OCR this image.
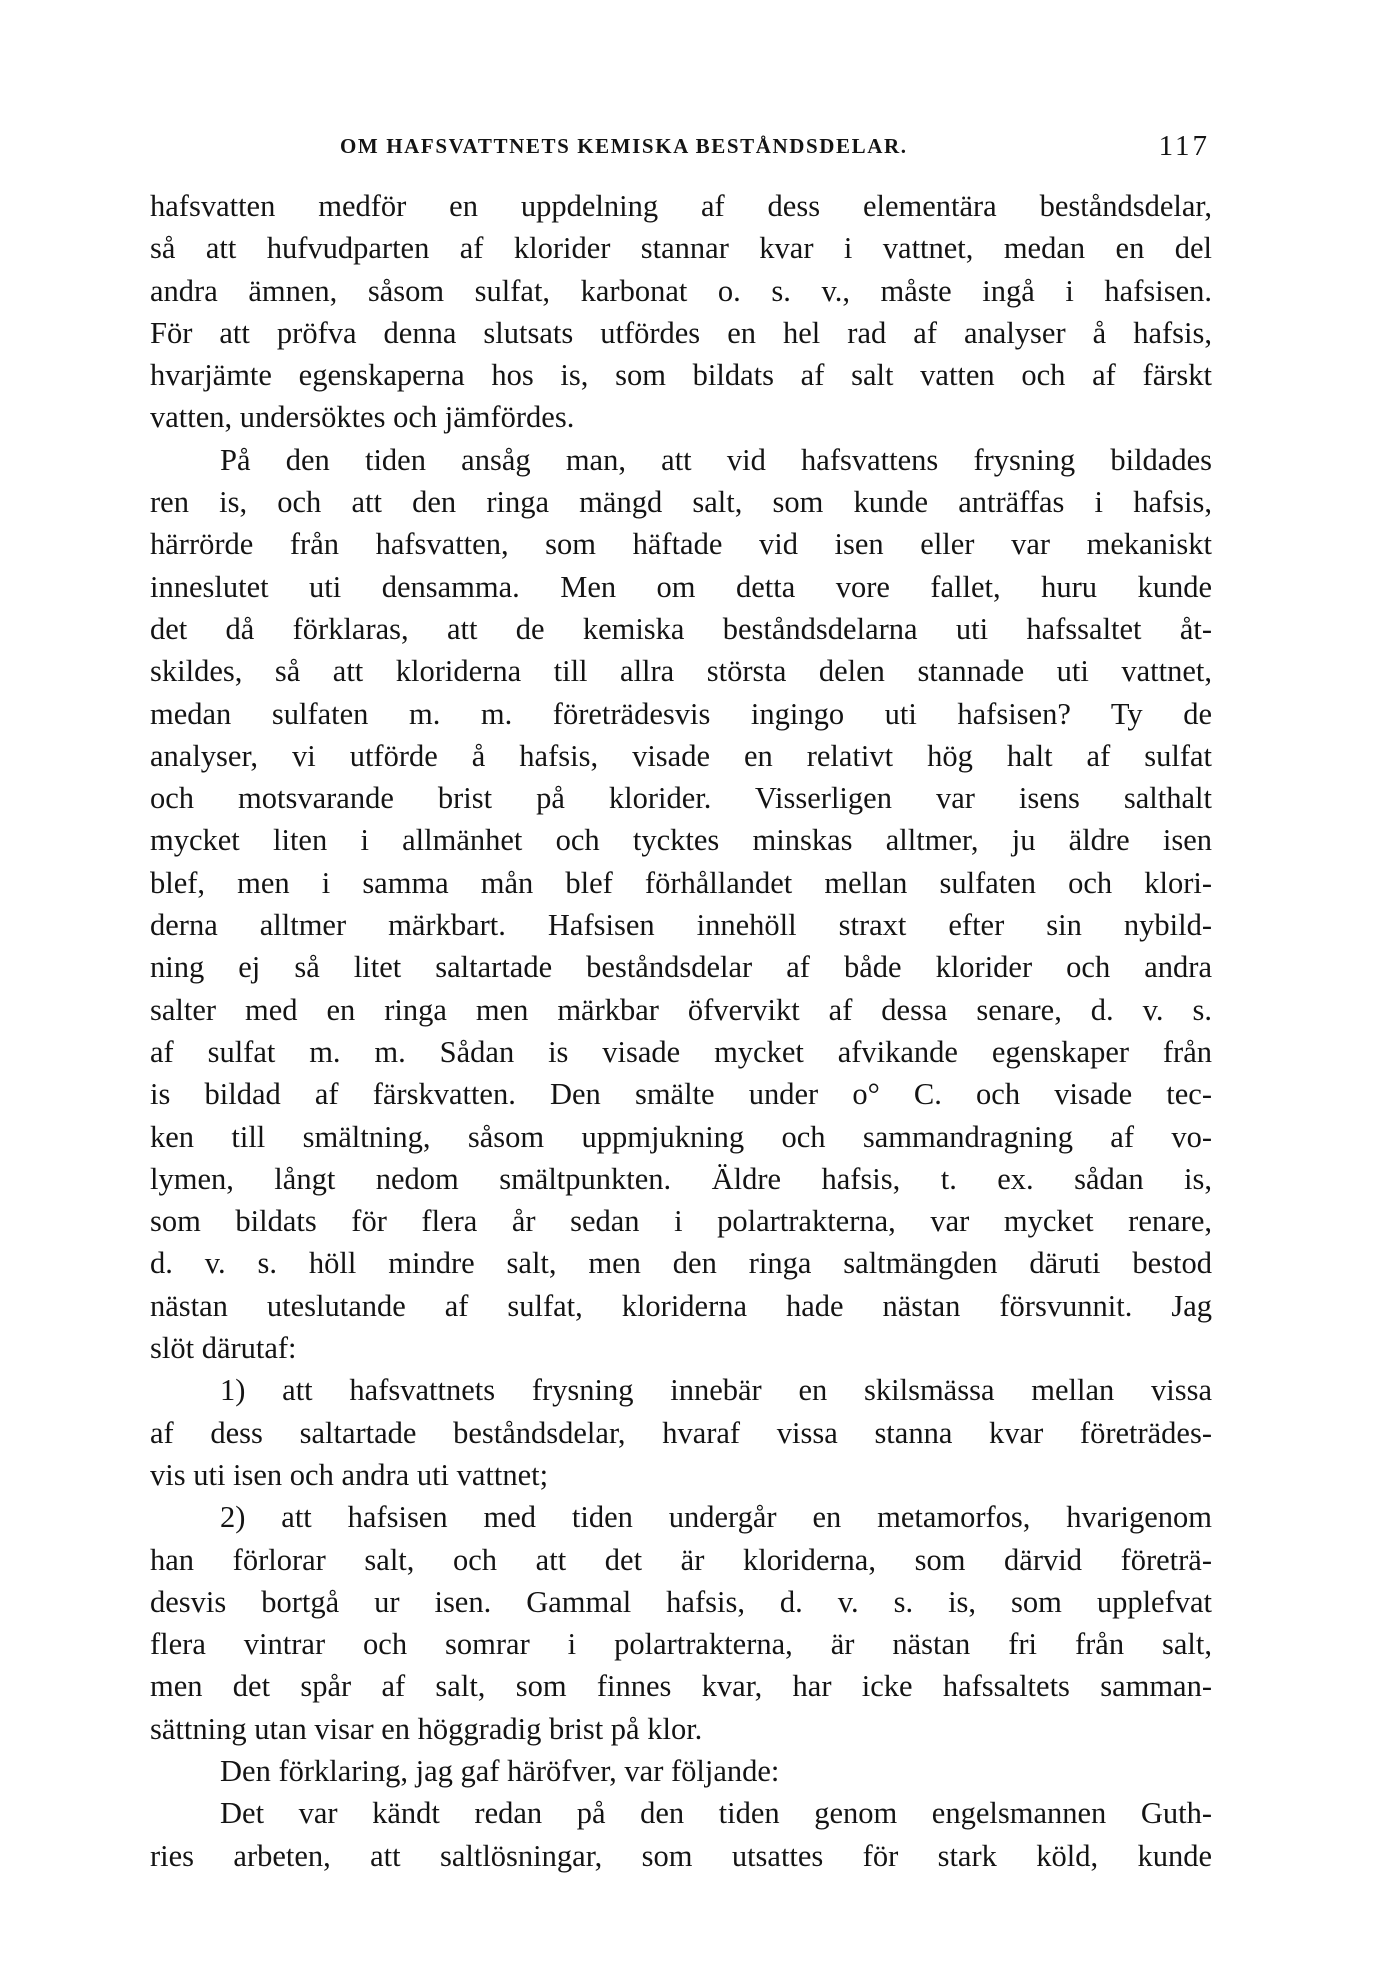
OM HAFSVATTNETS KEMISKA BESTÅNDSDELAR.	117
hafsvatten medför en uppdelning af dess elementära beståndsdelar,
så att hufvudparten af klorider stannar kvar i vattnet, medan en del
andra ämnen, såsom sulfat, karbonat o. s. v., måste ingå i hafsisen.
För att pröfva denna slutsats utfördes en hel rad af analyser å hafsis,
hvarjämte egenskaperna hos is, som bildats af salt vatten och af färskt
vatten, undersöktes och jämfördes.
På den tiden ansåg man, att vid hafsvattens frysning bildades
ren is, och att den ringa mängd salt, som kunde anträffas i hafsis,
härrörde från hafsvatten, som häftade vid isen eller var mekaniskt
inneslutet uti densamma. Men om detta vore fallet, huru kunde
det då förklaras, att de kemiska beståndsdelarna uti hafssaltet åt-
skildes, så att kloriderna till allra största delen stannade uti vattnet,
medan sulfaten m. m. företrädesvis ingingo uti hafsisen? Ty de
analyser, vi utförde å hafsis, visade en relativt hög halt af sulfat
och motsvarande brist på klorider. Visserligen var isens salthalt
mycket liten i allmänhet och tycktes minskas alltmer, ju äldre isen
blef, men i samma mån blef förhållandet mellan sulfaten och klori-
derna alltmer märkbart. Hafsisen innehöll straxt efter sin nybild-
ning ej så litet saltartade beståndsdelar af både klorider och andra
salter med en ringa men märkbar öfvervikt af dessa senare, d. v. s.
af sulfat m. m. Sådan is visade mycket afvikande egenskaper från
is bildad af färskvatten. Den smälte under o° C. och visade tec-
ken till smältning, såsom uppmjukning och sammandragning af vo-
lymen, långt nedom smältpunkten. Äldre hafsis, t. ex. sådan is,
som bildats för flera år sedan i polartrakterna, var mycket renare,
d. v. s. höll mindre salt, men den ringa saltmängden däruti bestod
nästan uteslutande af sulfat, kloriderna hade nästan försvunnit. Jag
slöt därutaf:
1) att hafsvattnets frysning innebär en skilsmässa mellan vissa
af dess saltartade beståndsdelar, hvaraf vissa stanna kvar företrädes-
vis uti isen och andra uti vattnet;
2) att hafsisen med tiden undergår en metamorfos, hvarigenom
han förlorar salt, och att det är kloriderna, som därvid företrä-
desvis bortgå ur isen. Gammal hafsis, d. v. s. is, som upplefvat
flera vintrar och somrar i polartrakterna, är nästan fri från salt,
men det spår af salt, som finnes kvar, har icke hafssaltets samman-
sättning utan visar en höggradig brist på klor.
Den förklaring, jag gaf häröfver, var följande:
Det var kändt redan på den tiden genom engelsmannen Guth-
ries arbeten, att saltlösningar, som utsattes för stark köld, kunde
